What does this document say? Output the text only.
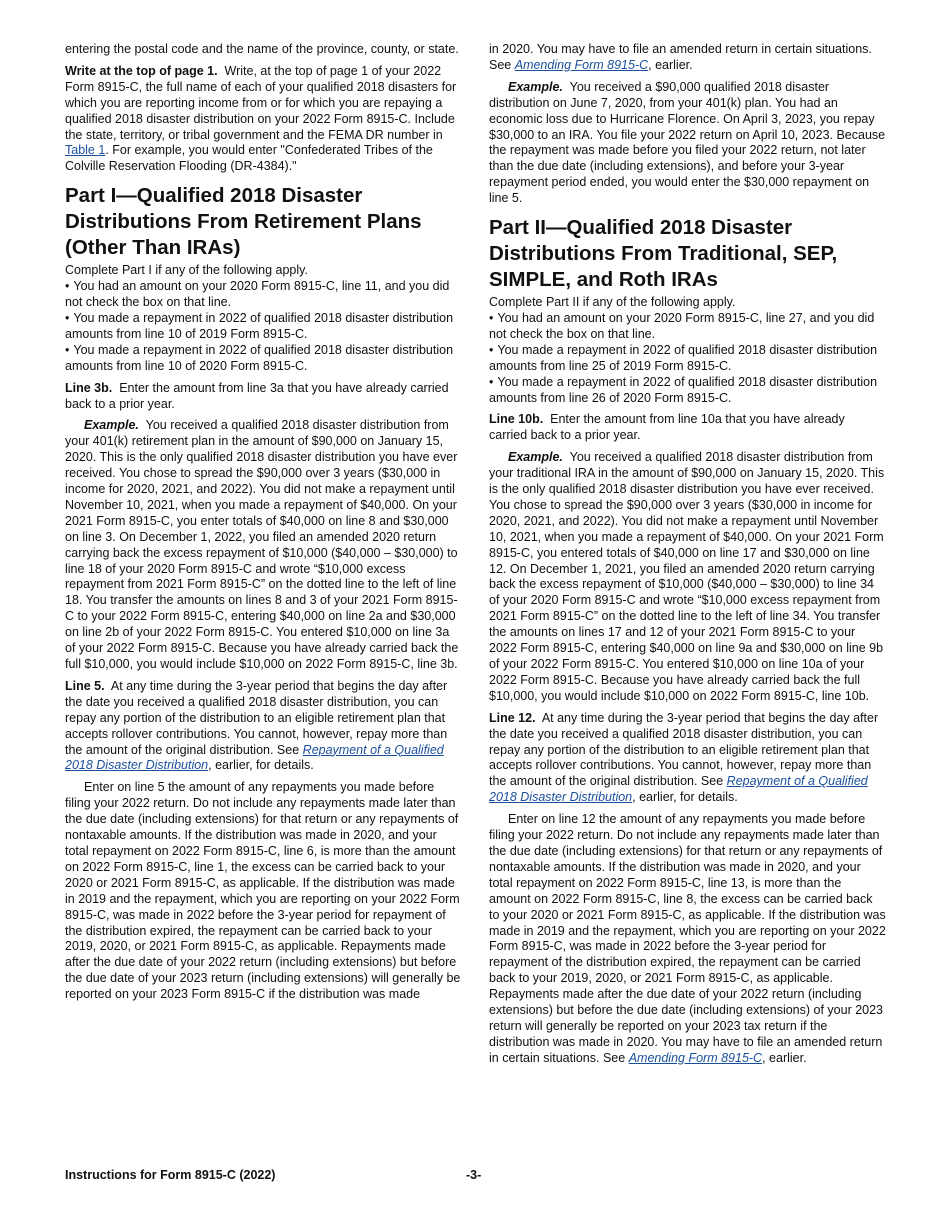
entering the postal code and the name of the province, county, or state.

Write at the top of page 1. Write, at the top of page 1 of your 2022 Form 8915-C, the full name of each of your qualified 2018 disasters for which you are reporting income from or for which you are repaying a qualified 2018 disaster distribution on your 2022 Form 8915-C. Include the state, territory, or tribal government and the FEMA DR number in Table 1. For example, you would enter "Confederated Tribes of the Colville Reservation Flooding (DR-4384)."

Part I—Qualified 2018 Disaster Distributions From Retirement Plans (Other Than IRAs)

Complete Part I if any of the following apply.

• You had an amount on your 2020 Form 8915-C, line 11, and you did not check the box on that line.

• You made a repayment in 2022 of qualified 2018 disaster distribution amounts from line 10 of 2019 Form 8915-C.

• You made a repayment in 2022 of qualified 2018 disaster distribution amounts from line 10 of 2020 Form 8915-C.

Line 3b. Enter the amount from line 3a that you have already carried back to a prior year.

Example. You received a qualified 2018 disaster distribution from your 401(k) retirement plan in the amount of $90,000 on January 15, 2020. This is the only qualified 2018 disaster distribution you have ever received. You chose to spread the $90,000 over 3 years ($30,000 in income for 2020, 2021, and 2022). You did not make a repayment until November 10, 2021, when you made a repayment of $40,000. On your 2021 Form 8915-C, you enter totals of $40,000 on line 8 and $30,000 on line 3. On December 1, 2022, you filed an amended 2020 return carrying back the excess repayment of $10,000 ($40,000 – $30,000) to line 18 of your 2020 Form 8915-C and wrote “$10,000 excess repayment from 2021 Form 8915-C” on the dotted line to the left of line 18. You transfer the amounts on lines 8 and 3 of your 2021 Form 8915-C to your 2022 Form 8915-C, entering $40,000 on line 2a and $30,000 on line 2b of your 2022 Form 8915-C. You entered $10,000 on line 3a of your 2022 Form 8915-C. Because you have already carried back the full $10,000, you would include $10,000 on 2022 Form 8915-C, line 3b.

Line 5. At any time during the 3-year period that begins the day after the date you received a qualified 2018 disaster distribution, you can repay any portion of the distribution to an eligible retirement plan that accepts rollover contributions. You cannot, however, repay more than the amount of the original distribution. See Repayment of a Qualified 2018 Disaster Distribution, earlier, for details.

Enter on line 5 the amount of any repayments you made before filing your 2022 return. Do not include any repayments made later than the due date (including extensions) for that return or any repayments of nontaxable amounts. If the distribution was made in 2020, and your total repayment on 2022 Form 8915-C, line 6, is more than the amount on 2022 Form 8915-C, line 1, the excess can be carried back to your 2020 or 2021 Form 8915-C, as applicable. If the distribution was made in 2019 and the repayment, which you are reporting on your 2022 Form 8915-C, was made in 2022 before the 3-year period for repayment of the distribution expired, the repayment can be carried back to your 2019, 2020, or 2021 Form 8915-C, as applicable. Repayments made after the due date of your 2022 return (including extensions) but before the due date of your 2023 return (including extensions) will generally be reported on your 2023 Form 8915-C if the distribution was made

in 2020. You may have to file an amended return in certain situations. See Amending Form 8915-C, earlier.

Example. You received a $90,000 qualified 2018 disaster distribution on June 7, 2020, from your 401(k) plan. You had an economic loss due to Hurricane Florence. On April 3, 2023, you repay $30,000 to an IRA. You file your 2022 return on April 10, 2023. Because the repayment was made before you filed your 2022 return, not later than the due date (including extensions), and before your 3-year repayment period ended, you would enter the $30,000 repayment on line 5.

Part II—Qualified 2018 Disaster Distributions From Traditional, SEP, SIMPLE, and Roth IRAs

Complete Part II if any of the following apply.

• You had an amount on your 2020 Form 8915-C, line 27, and you did not check the box on that line.

• You made a repayment in 2022 of qualified 2018 disaster distribution amounts from line 25 of 2019 Form 8915-C.

• You made a repayment in 2022 of qualified 2018 disaster distribution amounts from line 26 of 2020 Form 8915-C.

Line 10b. Enter the amount from line 10a that you have already carried back to a prior year.

Example. You received a qualified 2018 disaster distribution from your traditional IRA in the amount of $90,000 on January 15, 2020. This is the only qualified 2018 disaster distribution you have ever received. You chose to spread the $90,000 over 3 years ($30,000 in income for 2020, 2021, and 2022). You did not make a repayment until November 10, 2021, when you made a repayment of $40,000. On your 2021 Form 8915-C, you entered totals of $40,000 on line 17 and $30,000 on line 12. On December 1, 2021, you filed an amended 2020 return carrying back the excess repayment of $10,000 ($40,000 – $30,000) to line 34 of your 2020 Form 8915-C and wrote “$10,000 excess repayment from 2021 Form 8915-C” on the dotted line to the left of line 34. You transfer the amounts on lines 17 and 12 of your 2021 Form 8915-C to your 2022 Form 8915-C, entering $40,000 on line 9a and $30,000 on line 9b of your 2022 Form 8915-C. You entered $10,000 on line 10a of your 2022 Form 8915-C. Because you have already carried back the full $10,000, you would include $10,000 on 2022 Form 8915-C, line 10b.

Line 12. At any time during the 3-year period that begins the day after the date you received a qualified 2018 disaster distribution, you can repay any portion of the distribution to an eligible retirement plan that accepts rollover contributions. You cannot, however, repay more than the amount of the original distribution. See Repayment of a Qualified 2018 Disaster Distribution, earlier, for details.

Enter on line 12 the amount of any repayments you made before filing your 2022 return. Do not include any repayments made later than the due date (including extensions) for that return or any repayments of nontaxable amounts. If the distribution was made in 2020, and your total repayment on 2022 Form 8915-C, line 13, is more than the amount on 2022 Form 8915-C, line 8, the excess can be carried back to your 2020 or 2021 Form 8915-C, as applicable. If the distribution was made in 2019 and the repayment, which you are reporting on your 2022 Form 8915-C, was made in 2022 before the 3-year period for repayment of the distribution expired, the repayment can be carried back to your 2019, 2020, or 2021 Form 8915-C, as applicable. Repayments made after the due date of your 2022 return (including extensions) but before the due date (including extensions) of your 2023 return will generally be reported on your 2023 tax return if the distribution was made in 2020. You may have to file an amended return in certain situations. See Amending Form 8915-C, earlier.

Instructions for Form 8915-C (2022)	-3-
